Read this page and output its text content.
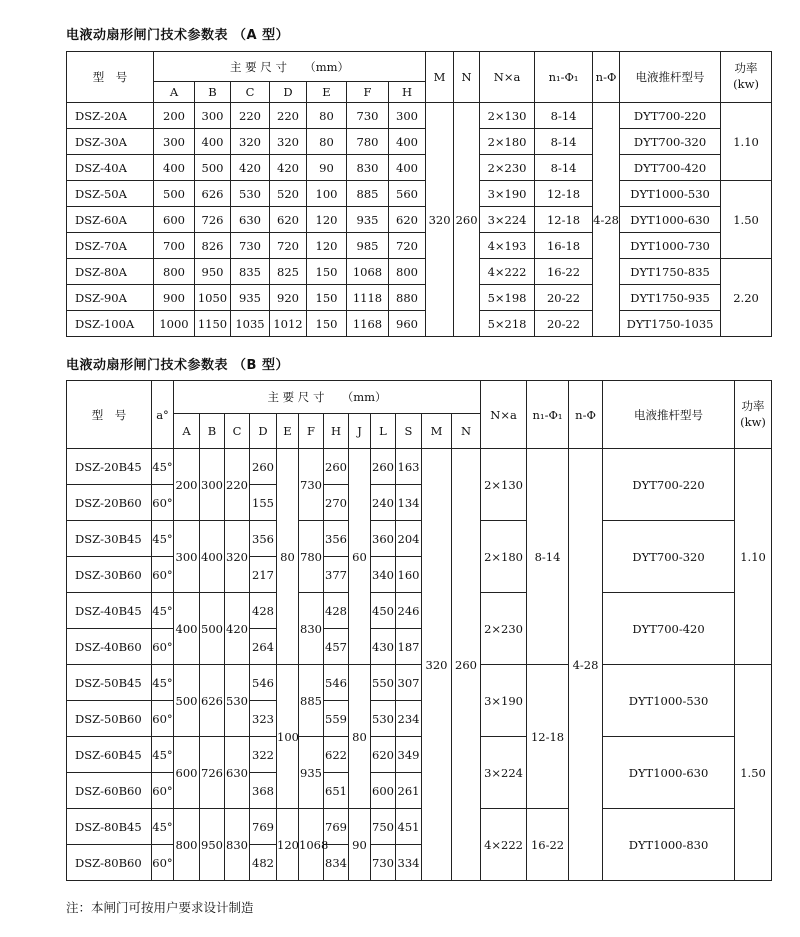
电液动扇形闸门技术参数表 （A 型）
型　号	主 要 尺 寸　　（mm）							M	N	N×a	n₁-Φ₁	n-Φ	电液推杆型号	功率
(kw)
	A	B	C	D	E	F	H							
DSZ-20A	200	300	220	220	80	730	300	320	260	2×130	8-14	4-28	DYT700-220	1.10
DSZ-30A	300	400	320	320	80	780	400			2×180	8-14		DYT700-320	
DSZ-40A	400	500	420	420	90	830	400			2×230	8-14		DYT700-420	
DSZ-50A	500	626	530	520	100	885	560			3×190	12-18		DYT1000-530	1.50
DSZ-60A	600	726	630	620	120	935	620			3×224	12-18		DYT1000-630	
DSZ-70A	700	826	730	720	120	985	720			4×193	16-18		DYT1000-730	
DSZ-80A	800	950	835	825	150	1068	800			4×222	16-22		DYT1750-835	2.20
DSZ-90A	900	1050	935	920	150	1118	880			5×198	20-22		DYT1750-935	
DSZ-100A	1000	1150	1035	1012	150	1168	960			5×218	20-22		DYT1750-1035	
电液动扇形闸门技术参数表 （B 型）
型　号	a°	主 要 尺 寸　　（mm）												N×a	n₁-Φ₁	n-Φ	电液推杆型号	功率
(kw)
		A	B	C	D	E	F	H	J	L	S	M	N					
DSZ-20B45	45°	200	300	220	260	80	730	260	60	260	163	320	260	2×130	8-14	4-28	DYT700-220	1.10
DSZ-20B60	60°				155			270		240	134							
DSZ-30B45	45°	300	400	320	356		780	356		360	204			2×180			DYT700-320	
DSZ-30B60	60°				217			377		340	160							
DSZ-40B45	45°	400	500	420	428		830	428		450	246			2×230			DYT700-420	
DSZ-40B60	60°				264			457		430	187							
DSZ-50B45	45°	500	626	530	546	100	885	546	80	550	307			3×190	12-18		DYT1000-530	1.50
DSZ-50B60	60°				323			559		530	234							
DSZ-60B45	45°	600	726	630	322		935	622		620	349			3×224			DYT1000-630	
DSZ-60B60	60°				368			651		600	261							
DSZ-80B45	45°	800	950	830	769	120	1068	769	90	750	451			4×222	16-22		DYT1000-830	
DSZ-80B60	60°				482			834		730	334							
注：本闸门可按用户要求设计制造
